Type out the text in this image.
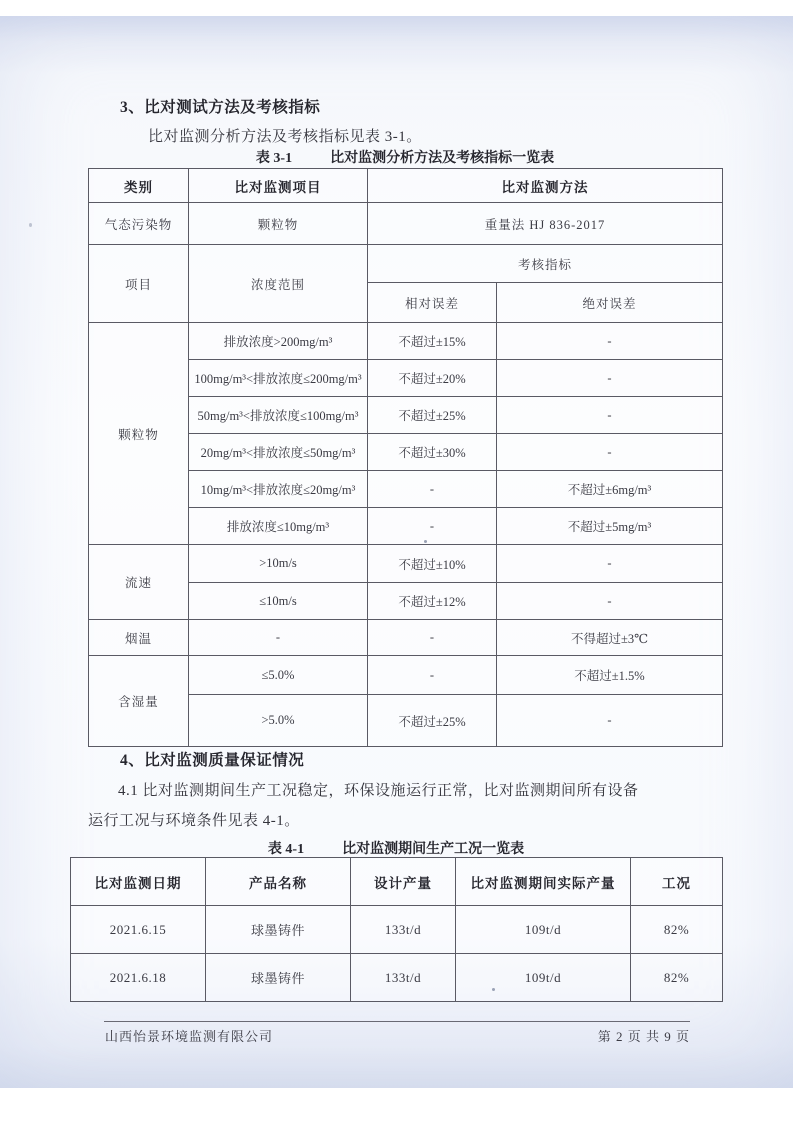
3、比对测试方法及考核指标
比对监测分析方法及考核指标见表 3-1。
表 3-1	比对监测分析方法及考核指标一览表
类别	比对监测项目	比对监测方法	
气态污染物	颗粒物	重量法 HJ 836-2017	
项目	浓度范围	考核指标	
		相对误差	绝对误差
颗粒物	排放浓度>200mg/m³	不超过±15%	-
	100mg/m³<排放浓度≤200mg/m³	不超过±20%	-
	50mg/m³<排放浓度≤100mg/m³	不超过±25%	-
	20mg/m³<排放浓度≤50mg/m³	不超过±30%	-
	10mg/m³<排放浓度≤20mg/m³	-	不超过±6mg/m³
	排放浓度≤10mg/m³	-	不超过±5mg/m³
流速	>10m/s	不超过±10%	-
	≤10m/s	不超过±12%	-
烟温	-	-	不得超过±3℃
含湿量	≤5.0%	-	不超过±1.5%
	>5.0%	不超过±25%	-
4、比对监测质量保证情况
4.1 比对监测期间生产工况稳定，环保设施运行正常，比对监测期间所有设备
运行工况与环境条件见表 4-1。
表 4-1	比对监测期间生产工况一览表
比对监测日期	产品名称	设计产量	比对监测期间实际产量	工况
2021.6.15	球墨铸件	133t/d	109t/d	82%
2021.6.18	球墨铸件	133t/d	109t/d	82%
山西怡景环境监测有限公司	第 2 页 共 9 页
